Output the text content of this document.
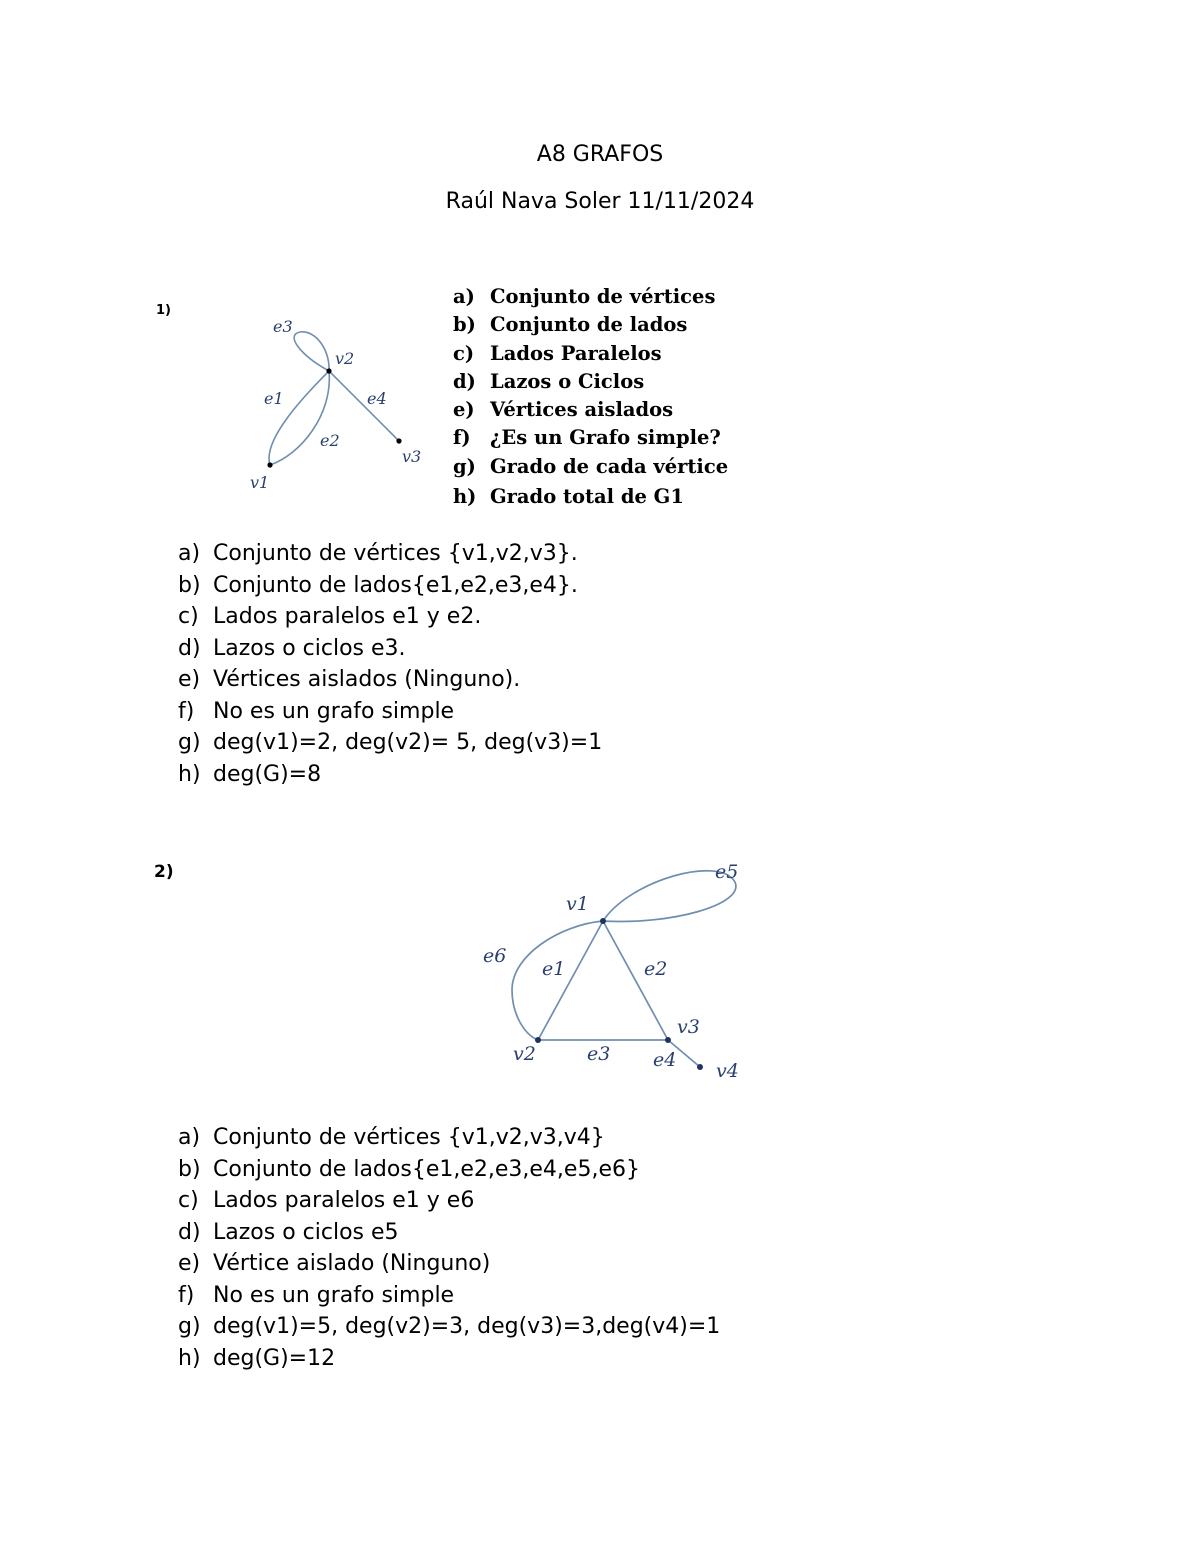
A8 GRAFOS
Raúl Nava Soler 11/11/2024
1)
e3
v2
e1	e4
e2
v3
v1
e5
v1
e6
e1	e2
v3
v2	e3 e4 v4
a) Conjunto de vértices
b) Conjunto de lados
c) Lados Paralelos
d) Lazos o Ciclos
e) Vértices aislados
f) ¿Es un Grafo simple?
g) Grado de cada vértice
h) Grado total de G1
a) Conjunto de vértices {v1,v2,v3}.
b) Conjunto de lados{e1,e2,e3,e4}.
c) Lados paralelos e1 y e2.
d) Lazos o ciclos e3.
e) Vértices aislados (Ninguno).
f) No es un grafo simple
g) deg(v1)=2, deg(v2)= 5, deg(v3)=1
h) deg(G)=8
2)
a) Conjunto de vértices {v1,v2,v3,v4}
b) Conjunto de lados{e1,e2,e3,e4,e5,e6}
c) Lados paralelos e1 y e6
d) Lazos o ciclos e5
e) Vértice aislado (Ninguno)
f) No es un grafo simple
g) deg(v1)=5, deg(v2)=3, deg(v3)=3,deg(v4)=1
h) deg(G)=12
